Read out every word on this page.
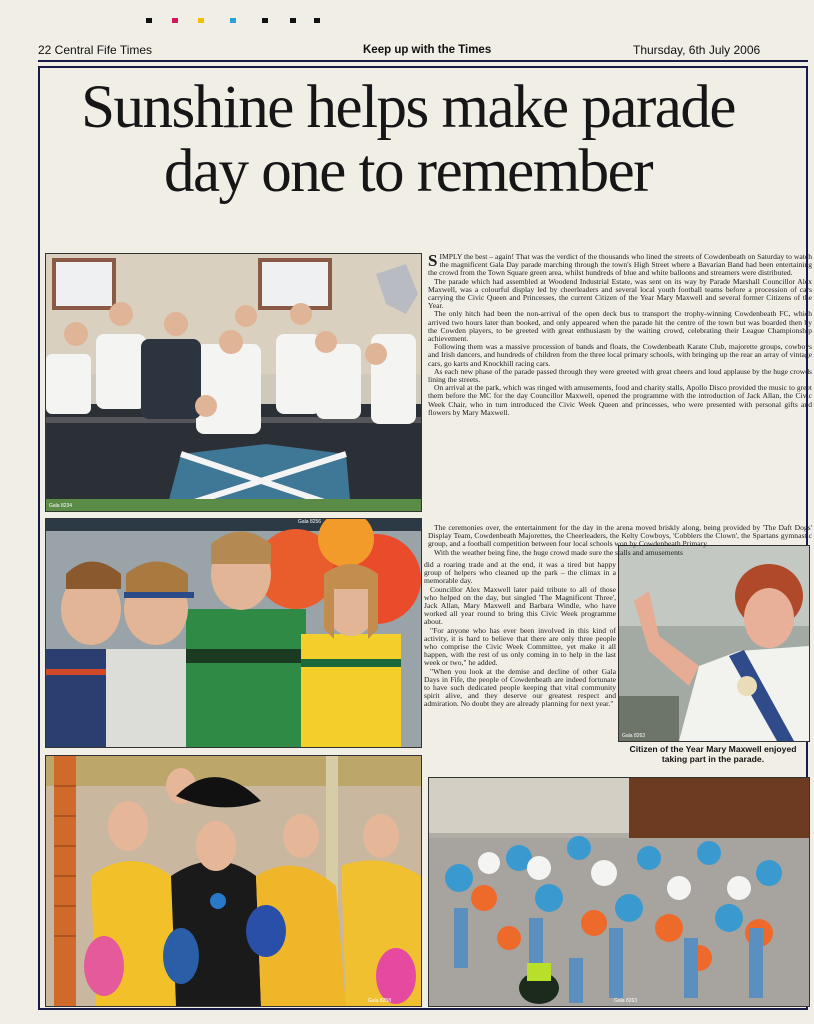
22 Central Fife Times	Keep up with the Times	Thursday, 6th July 2006
Sunshine helps make parade
day one to remember
Gala 8234
Gala 8256
Gala 8263
Gala 8258	Gala 8263

SIMPLY the best – again! That was the verdict of the thousands who lined the streets of Cowdenbeath on Saturday to watch the magnificent Gala Day parade marching through the town's High Street where a Bavarian Band had been entertaining the crowd from the Town Square green area, whilst hundreds of blue and white balloons and streamers were distributed.

The parade which had assembled at Woodend Industrial Estate, was sent on its way by Parade Marshall Councillor Alex Maxwell, was a colourful display led by cheerleaders and several local youth football teams before a procession of cars carrying the Civic Queen and Princesses, the current Citizen of the Year Mary Maxwell and several former Citizens of the Year.

The only hitch had been the non-arrival of the open deck bus to transport the trophy-winning Cowdenbeath FC, which arrived two hours later than booked, and only appeared when the parade hit the centre of the town but was boarded then by the Cowden players, to be greeted with great enthusiasm by the waiting crowd, celebrating their League Championship achievement.

Following them was a massive procession of bands and floats, the Cowdenbeath Karate Club, majorette groups, cowboys and Irish dancers, and hundreds of children from the three local primary schools, with bringing up the rear an array of vintage cars, go karts and Knockhill racing cars.

As each new phase of the parade passed through they were greeted with great cheers and loud applause by the huge crowds lining the streets.

On arrival at the park, which was ringed with amusements, food and charity stalls, Apollo Disco provided the music to greet them before the MC for the day Councillor Maxwell, opened the programme with the introduction of Jack Allan, the Civic Week Chair, who in turn introduced the Civic Week Queen and princesses, who were presented with personal gifts and flowers by Mary Maxwell.

The ceremonies over, the entertainment for the day in the arena moved briskly along, being provided by 'The Daft Dogs' Display Team, Cowdenbeath Majorettes, the Cheerleaders, the Kelty Cowboys, 'Cobblers the Clown', the Spartans gymnastic group, and a football competition between four local schools won by Cowdenbeath Primary.

With the weather being fine, the huge crowd made sure the stalls and amusements

did a roaring trade and at the end, it was a tired but happy group of helpers who cleaned up the park – the climax in a memorable day.

Councillor Alex Maxwell later paid tribute to all of those who helped on the day, but singled 'The Magnificent Three', Jack Allan, Mary Maxwell and Barbara Windle, who have worked all year round to bring this Civic Week programme about.

"For anyone who has ever been involved in this kind of activity, it is hard to believe that there are only three people who comprise the Civic Week Committee, yet make it all happen, with the rest of us only coming in to help in the last week or two," he added.

"When you look at the demise and decline of other Gala Days in Fife, the people of Cowdenbeath are indeed fortunate to have such dedicated people keeping that vital community spirit alive, and they deserve our greatest respect and admiration. No doubt they are already planning for next year."

Citizen of the Year Mary Maxwell enjoyed taking part in the parade.
